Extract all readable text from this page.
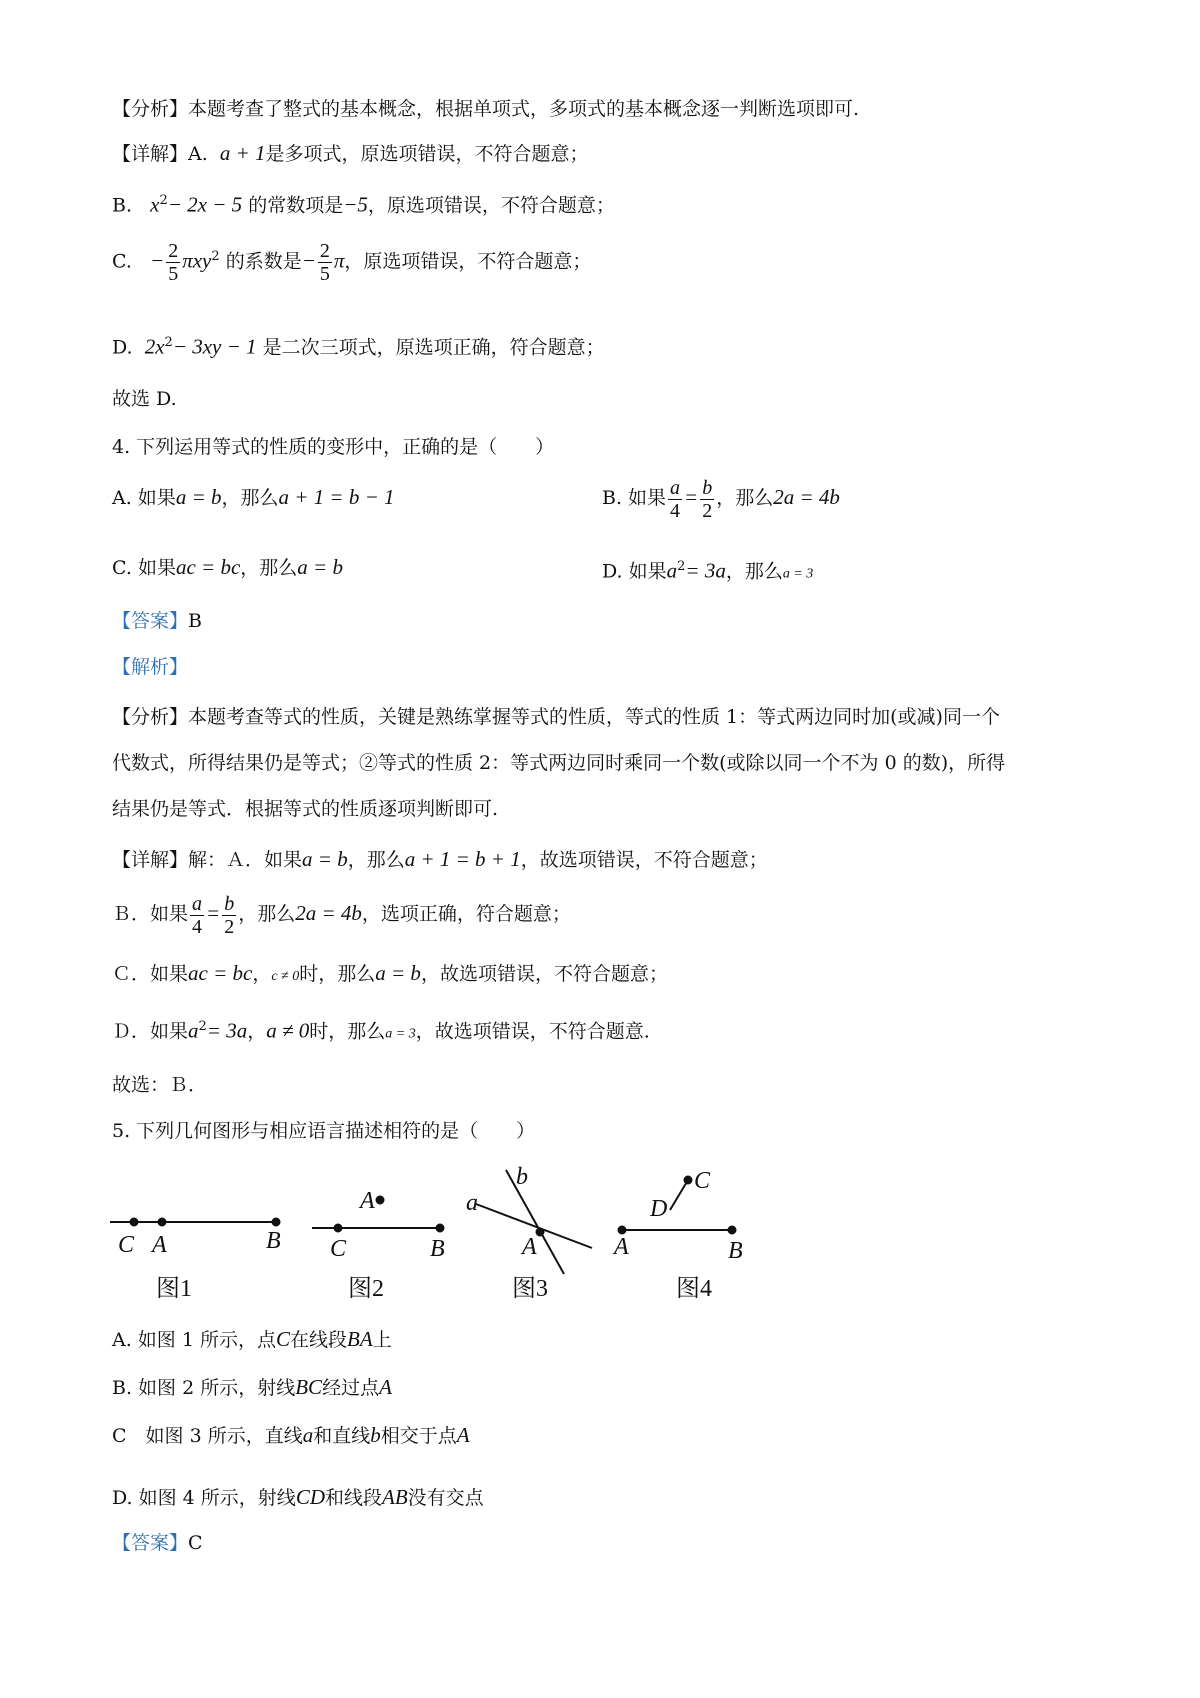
【分析】本题考查了整式的基本概念，根据单项式，多项式的基本概念逐一判断选项即可.
【详解】A. a + 1是多项式，原选项错误，不符合题意；
B. $x^2- 2x - 5$ 的常数项是−5，原选项错误，不符合题意；
C. − $\frac{2}{5} \pi xy^2$ 的系数是− $\frac{2}{5}$ π，原选项错误，不符合题意；
D. $2x^2- 3xy - 1$ 是二次三项式，原选项正确，符合题意；
故选 D.
4. 下列运用等式的性质的变形中，正确的是（　　）
A. 如果a = b，那么a + 1 = b − 1	B. 如果 $\frac{a}{4} = \frac{b}{2}$ ，那么2a = 4b
C. 如果ac = bc，那么a = b	D. 如果$a^2= 3a$，那么a = 3
【答案】B
【解析】
【分析】本题考查等式的性质，关键是熟练掌握等式的性质，等式的性质 1：等式两边同时加(或减)同一个
代数式，所得结果仍是等式；②等式的性质 2：等式两边同时乘同一个数(或除以同一个不为 0 的数)，所得
结果仍是等式．根据等式的性质逐项判断即可.
【详解】解：Ａ．如果a = b，那么a + 1 = b + 1，故选项错误，不符合题意；
Ｂ．如果 $\frac{a}{4} = \frac{b}{2}$ ，那么2a = 4b，选项正确，符合题意；
Ｃ．如果ac = bc，c ≠ 0时，那么a = b，故选项错误，不符合题意；
Ｄ．如果$a^2= 3a$，a ≠ 0时，那么a = 3，故选项错误，不符合题意.
故选：Ｂ．
5. 下列几何图形与相应语言描述相符的是（　　）
C A	B
图1
A
C	B
图2
a
b
A
图3
C
D
A	B
图4
A. 如图 1 所示，点C在线段BA上
B. 如图 2 所示，射线BC经过点A
C　如图 3 所示，直线a和直线b相交于点A
D. 如图 4 所示，射线CD和线段AB没有交点
【答案】C
